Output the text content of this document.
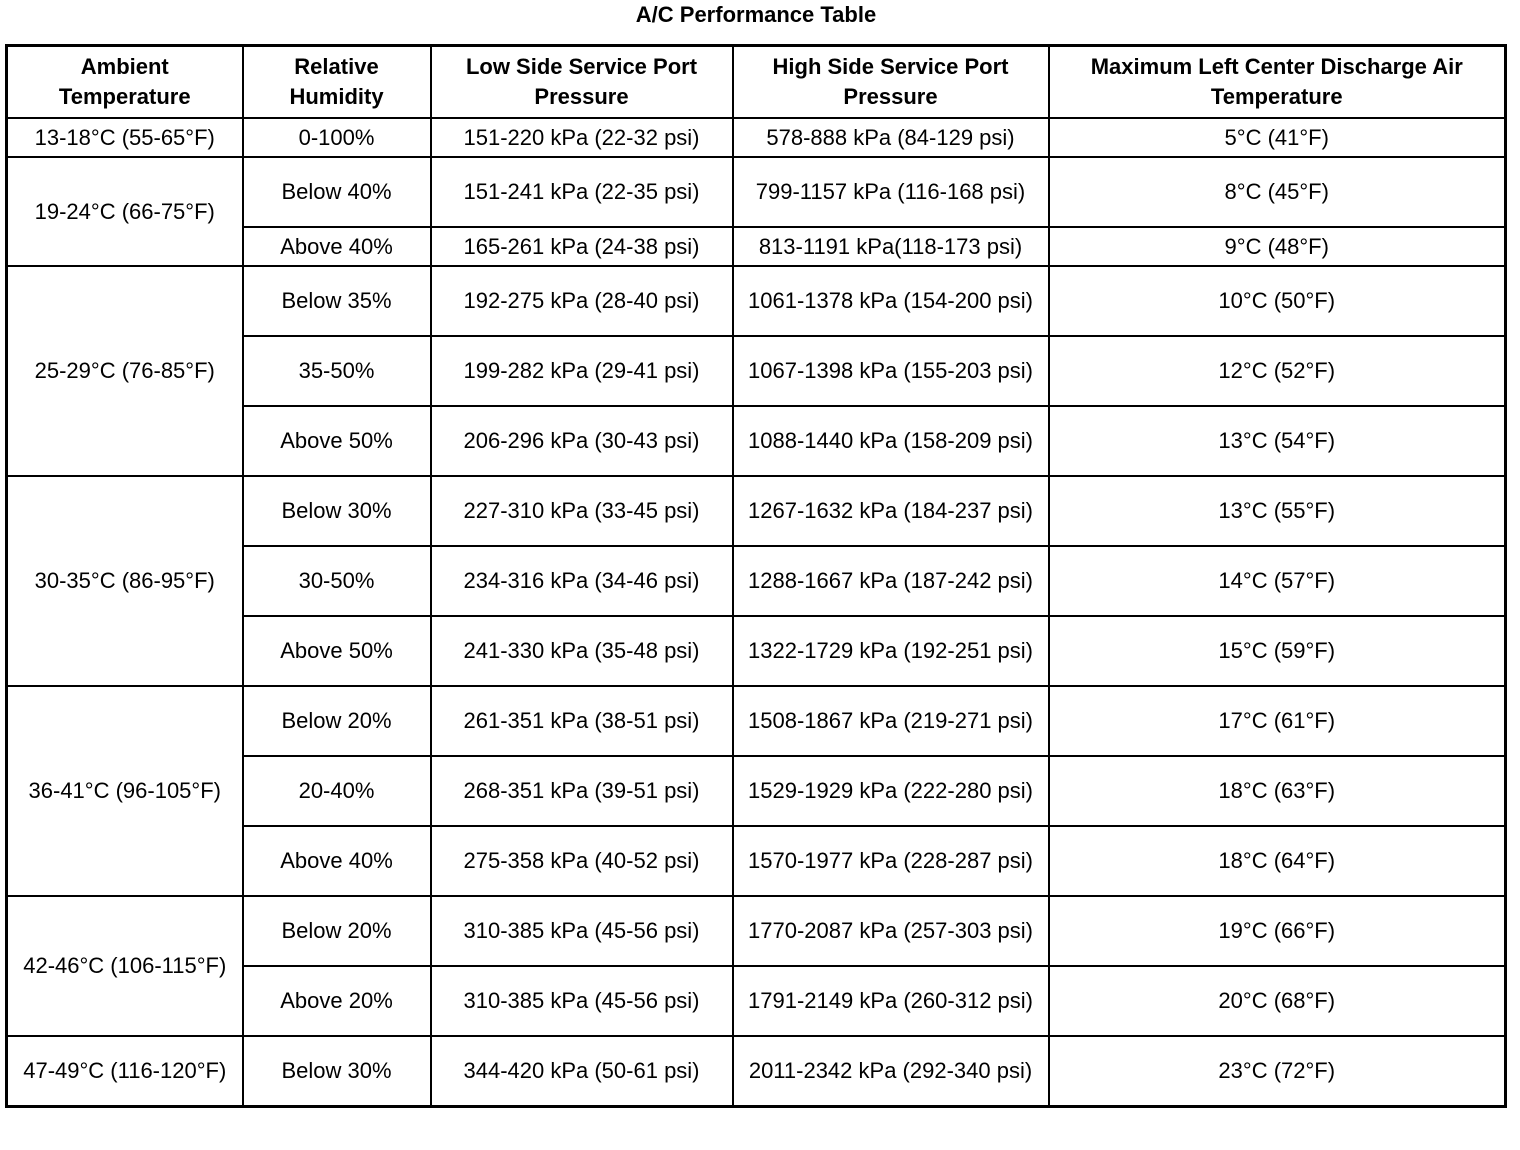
A/C Performance Table
Ambient Temperature	Relative Humidity	Low Side Service Port Pressure	High Side Service Port Pressure	Maximum Left Center Discharge Air Temperature
13-18°C (55-65°F)	0-100%	151-220 kPa (22-32 psi)	578-888 kPa (84-129 psi)	5°C (41°F)
19-24°C (66-75°F)	Below 40%	151-241 kPa (22-35 psi)	799-1157 kPa (116-168 psi)	8°C (45°F)
	Above 40%	165-261 kPa (24-38 psi)	813-1191 kPa(118-173 psi)	9°C (48°F)
25-29°C (76-85°F)	Below 35%	192-275 kPa (28-40 psi)	1061-1378 kPa (154-200 psi)	10°C (50°F)
	35-50%	199-282 kPa (29-41 psi)	1067-1398 kPa (155-203 psi)	12°C (52°F)
	Above 50%	206-296 kPa (30-43 psi)	1088-1440 kPa (158-209 psi)	13°C (54°F)
30-35°C (86-95°F)	Below 30%	227-310 kPa (33-45 psi)	1267-1632 kPa (184-237 psi)	13°C (55°F)
	30-50%	234-316 kPa (34-46 psi)	1288-1667 kPa (187-242 psi)	14°C (57°F)
	Above 50%	241-330 kPa (35-48 psi)	1322-1729 kPa (192-251 psi)	15°C (59°F)
36-41°C (96-105°F)	Below 20%	261-351 kPa (38-51 psi)	1508-1867 kPa (219-271 psi)	17°C (61°F)
	20-40%	268-351 kPa (39-51 psi)	1529-1929 kPa (222-280 psi)	18°C (63°F)
	Above 40%	275-358 kPa (40-52 psi)	1570-1977 kPa (228-287 psi)	18°C (64°F)
42-46°C (106-115°F)	Below 20%	310-385 kPa (45-56 psi)	1770-2087 kPa (257-303 psi)	19°C (66°F)
	Above 20%	310-385 kPa (45-56 psi)	1791-2149 kPa (260-312 psi)	20°C (68°F)
47-49°C (116-120°F)	Below 30%	344-420 kPa (50-61 psi)	2011-2342 kPa (292-340 psi)	23°C (72°F)
